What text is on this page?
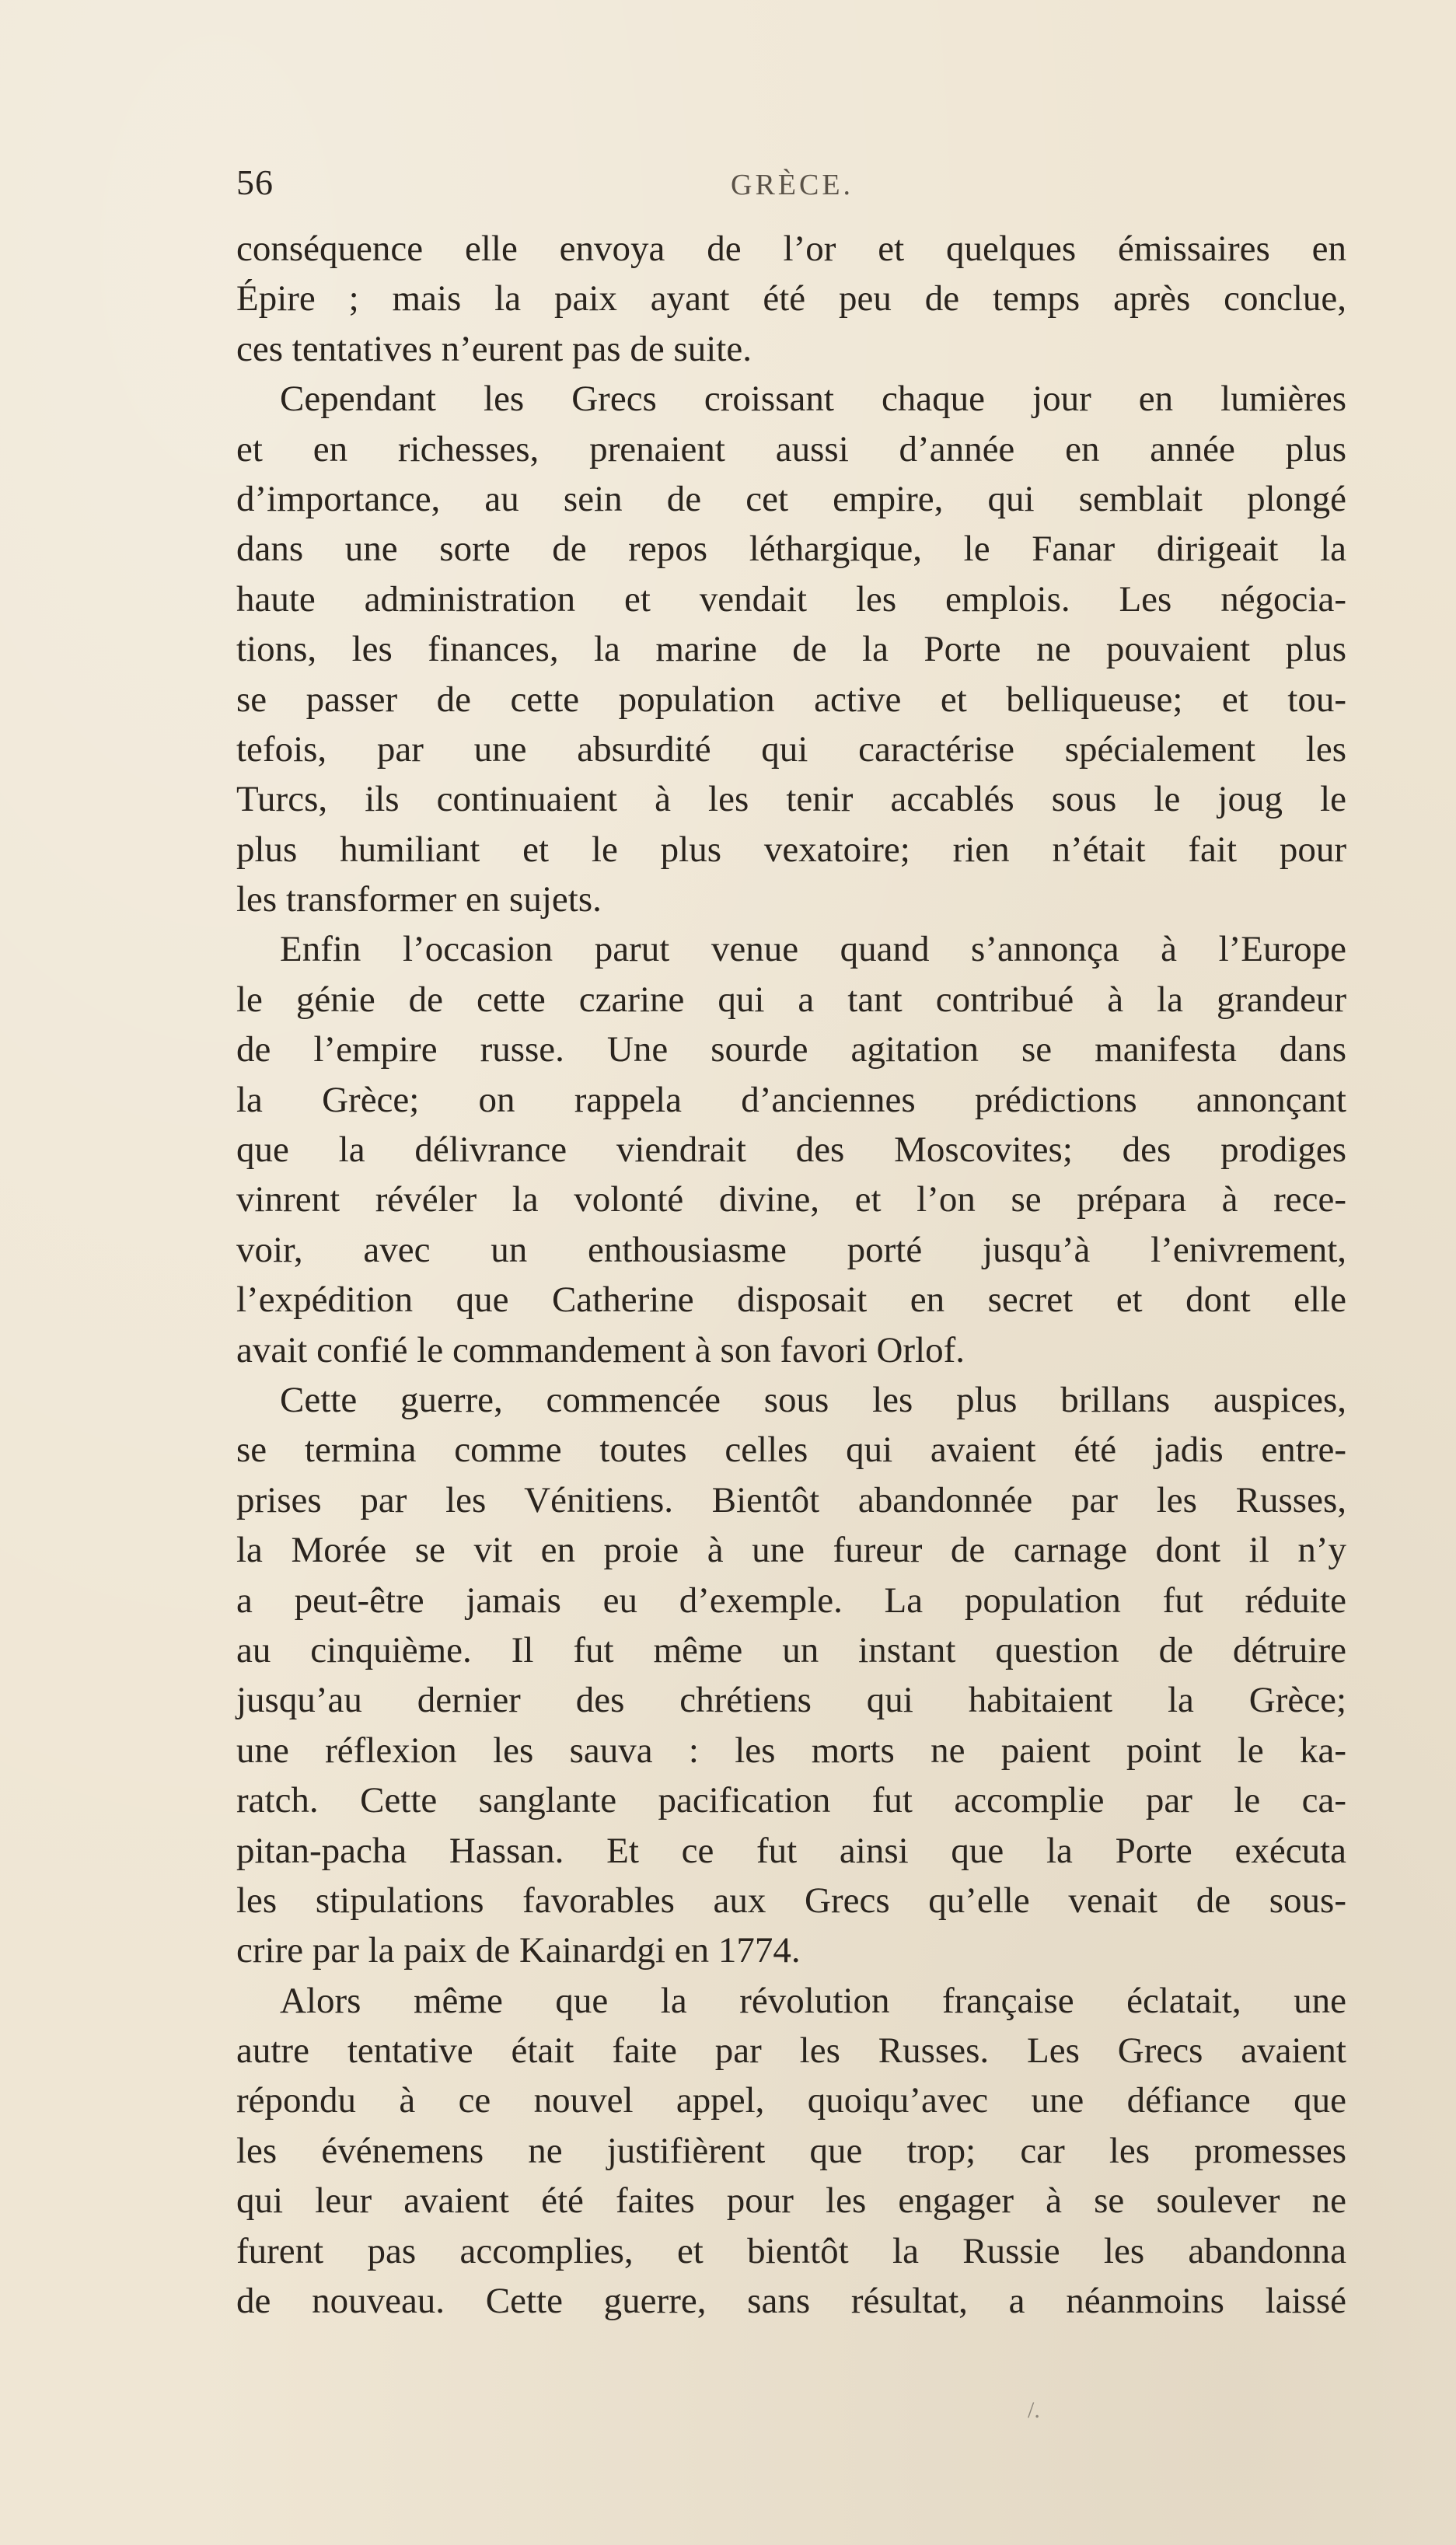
56	GRÈCE.
conséquence elle envoya de l’or et quelques émissaires en
Épire ; mais la paix ayant été peu de temps après conclue,
ces tentatives n’eurent pas de suite.
Cependant les Grecs croissant chaque jour en lumières
et en richesses, prenaient aussi d’année en année plus
d’importance, au sein de cet empire, qui semblait plongé
dans une sorte de repos léthargique, le Fanar dirigeait la
haute administration et vendait les emplois. Les négocia-
tions, les finances, la marine de la Porte ne pouvaient plus
se passer de cette population active et belliqueuse; et tou-
tefois, par une absurdité qui caractérise spécialement les
Turcs, ils continuaient à les tenir accablés sous le joug le
plus humiliant et le plus vexatoire; rien n’était fait pour
les transformer en sujets.
Enfin l’occasion parut venue quand s’annonça à l’Europe
le génie de cette czarine qui a tant contribué à la grandeur
de l’empire russe. Une sourde agitation se manifesta dans
la Grèce; on rappela d’anciennes prédictions annonçant
que la délivrance viendrait des Moscovites; des prodiges
vinrent révéler la volonté divine, et l’on se prépara à rece-
voir, avec un enthousiasme porté jusqu’à l’enivrement,
l’expédition que Catherine disposait en secret et dont elle
avait confié le commandement à son favori Orlof.
Cette guerre, commencée sous les plus brillans auspices,
se termina comme toutes celles qui avaient été jadis entre-
prises par les Vénitiens. Bientôt abandonnée par les Russes,
la Morée se vit en proie à une fureur de carnage dont il n’y
a peut-être jamais eu d’exemple. La population fut réduite
au cinquième. Il fut même un instant question de détruire
jusqu’au dernier des chrétiens qui habitaient la Grèce;
une réflexion les sauva : les morts ne paient point le ka-
ratch. Cette sanglante pacification fut accomplie par le ca-
pitan-pacha Hassan. Et ce fut ainsi que la Porte exécuta
les stipulations favorables aux Grecs qu’elle venait de sous-
crire par la paix de Kainardgi en 1774.
Alors même que la révolution française éclatait, une
autre tentative était faite par les Russes. Les Grecs avaient
répondu à ce nouvel appel, quoiqu’avec une défiance que
les événemens ne justifièrent que trop; car les promesses
qui leur avaient été faites pour les engager à se soulever ne
furent pas accomplies, et bientôt la Russie les abandonna
de nouveau. Cette guerre, sans résultat, a néanmoins laissé
/.
